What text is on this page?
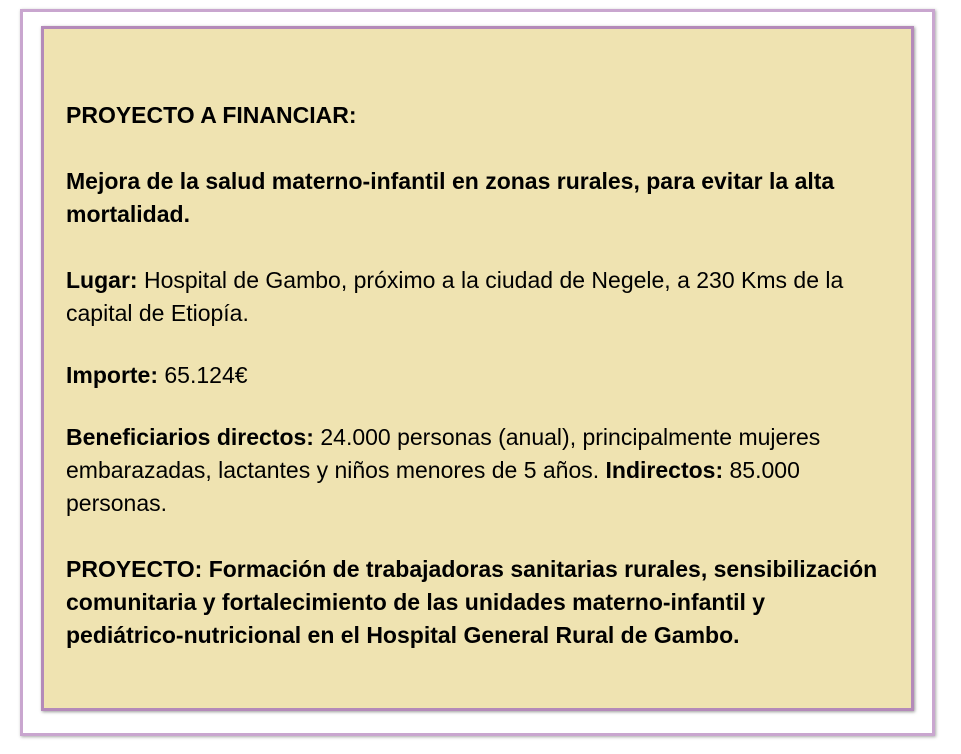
PROYECTO A FINANCIAR:

Mejora de la salud materno-infantil en zonas rurales, para evitar la alta mortalidad.

Lugar: Hospital de Gambo, próximo a la ciudad de Negele, a 230 Kms de la capital de Etiopía.

Importe: 65.124€

Beneficiarios directos: 24.000 personas (anual), principalmente mujeres embarazadas, lactantes y niños menores de 5 años. Indirectos: 85.000 personas.

PROYECTO: Formación de trabajadoras sanitarias rurales, sensibilización comunitaria y fortalecimiento de las unidades materno-infantil y pediátrico-nutricional en el Hospital General Rural de Gambo.
